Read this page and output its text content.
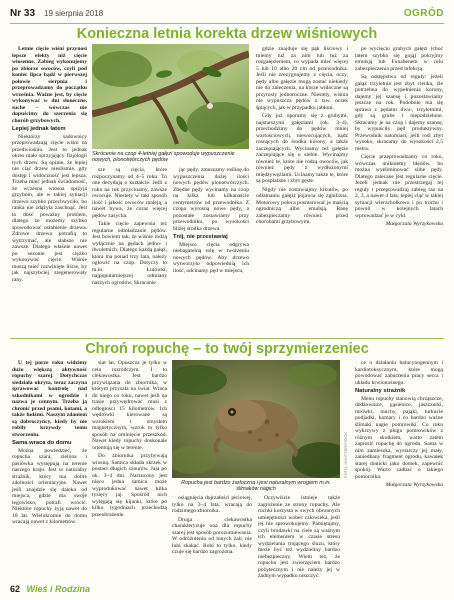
Nr 33 19 sierpnia 2018	OGRÓD
Konieczna letnia korekta drzew wiśniowych

Letnie cięcie wiśni przynosi lepsze efekty niż cięcie wiosenne. Zabieg wykonujemy po zbiorze owoców, czyli pod koniec lipca bądź w pierwszej połowie sierpnia i przeprowadzamy do początku września. Ważne jest, by cięcie wykonywać w dni słoneczne, suche – wówczas nie dopuścimy do szerzenia się chorób grzybowych.

Lepiej jednak latem

Niektórzy sadownicy przeprowadzają cięcie wiśni na przedwiośniu. Jest to jednak okres mało sprzyjający fizjologii tych drzew. Są opinie, że lepiej nie ciąć drzew nieslistnie, gdy dostęp i widoczność jest lepsza. Trzeba mieć jednak świadomość, że wczesna wiosna sprzyja grzybom, ale w takiej sytuacji drzewo szybko przechwyciło, bo ranka nie zdążyła zaschnąć. Jest to dość poważny problem, dlatego że możemy szybko spowodować osłabienie drzewa. Zdrowe drzewa potrafią to wytrzymać, ale słabsze nie zawsze. Dlatego właśnie nawet po sezonie jest ciężko wykonywać cięcie. Wiśnie muszą mieć rozwinięte liście, by jak najszybciej zregenerowały rany.

Skrócenie na czop 4-letniej gałęzi spowoduje wypuszczenie nowych, plonotwórczych pędów

sze są cięcia, które rozpoczynamy od 4–5 roku. To one decydują o kształcie. Jeśli z roku na rok przycinamy, zawsze owocuje. Niestety w taki sposób ilość i jakość owoców maleją, a nawet bywa, że coraz więcej pędów zasycha.

Takie cięcie zapewnia też regularne odmładzanie pędów. Jest bowiem tak, że wiśnie rodzą wyłącznie na pędach jedno- i dwuletnich. Dlatego każdą gałąź, która ma ponad trzy lata, należy ogłowić na czop. Dotyczy to m.in. Łutówki, najpopularniejszej odmiany naszych ogrodów. Skracanie

jąc pędy, zmuszamy roślinę do wypuszczenia dużej ilości nowych pędów plonotwórczych. Zbędne pędy wycinamy na czop na kilka lub kilkanaście centymetrów od przewodnika. Z czopa wyrosną nowe pędy, a pozostałe zostawiamy przy przewodniku, po wysokości bliżej środka drzewa.

Tnij, nie przestawiaj

Miejsce cięcia odgrywa niebagatelną rolę w tworzeniu nowych pędów. Aby drzewo wytworzyło odpowiednią ich ilość, odcinamy pęd w miejscu,

gdzie znajduje się pąk liściowy i tniemy tuż za nim lub tuż za rozgałęzieniem, co wypada mieć więcej 5 lub 10 albo 20 cm od przewodnika. Jeśli nie zrezygnujemy z cięcia, oczy, pędy albo gałęzie mogą zostać niekiedy nie do zaleczenia, na korze widoczne są przyrosty jednoroczne. Niestety, wiśnia nie wypuszcza pędów z tzw. oczek śpiących, jak w przypadku jabłoni.

Gdy już uporamy się z grubymi, najstarszymi gałęziami (ok. 3–4), przechodzimy do pędów mniej wartościowych, niewocujących, bądź rosnących do środka korony, a także zaczepiających. Wycinamy też gałęzie zaczepiające się o siebie. Wycinajmy również te, które nie rodzą owoców, jak również pędy z wydłużonymi międzywęźlami. Ucinamy także te, które są posplatane i zbyt gęste.

Nigdy nie zostawiajmy kikutów, po odłamaniu gałęzi pojawia się zgnilizna. Motorowy poleca posmarować je maścią ogrodniczą albo emulsją. Ranę zabezpieczamy również przed chorobami grzybowymi.

po wycięciu grubych gałęzi (choć latem szybko się goją) pokryjmy emulsją lub Funabenem w celu zabezpieczenia przed infekcją.

Są odstępstwa od reguły: jeżeli gałąź trzyletnia jest zbyt cienka, źle potrzebna do wypełnienia korony, dajemy jej szansę i pozostawiamy jeszcze na rok. Podobnie ma się sprawa z pędami dwu-, trzyletnimi, gdy są grube i niepodzielone. Skracamy je na czop i dajemy szansę, by wypuściły pęd produktywny. Przewodnik natomiast, jeśli rośl zbyt wysoko, skracamy do wysokości 2,5 metra.

Cięcie przeprowadzamy co roku, wówczas unikniemy błędów, bo można wyeliminować silne pędy. Dlatego zalecane jest regularne cięcie. Jeżeli jednak nie przestrzegaj tej reguły i przeprowadzaj zabieg raz na 2, 3, a nawet 4 lata, lepiej ciąć w takiej sytuacji wierzchołkowo i po trochu i powoli w kolejnych latach wprowadzać je w cykl.

Małgorzata Wyrzykowska
Chroń ropuchę – to twój sprzymierzeniec

U tej porze roku widzimy dużo większą aktywność ropuchy szarej. Dotychczas siedziała ukryta, teraz zaczyna sprawować kontrolę nad szkodnikami w ogrodzie i nazwa je cennym. Trzeba ją chronić przed psami, kotami, a także ludźmi. Naszym zdaniem są dobroczyńcy, kiedy by nie robiły krzywdy temu stworzeniu.

Sama wraca do domu

Można powiedzieć, że ropucha szara, zielona i pasiówka występują na terenie naszego kraju. Jest to naturalny strażnik, który ma dobre zdolności orientacyjne. Nawet jeśli znajdzie się daleko od miejsca, gdzie ma swoje legowisko, potrafi wrócić. Niektóre ropuchy żyją nawet do 10 lat. Wielokrotnie do domu wracają nawet z kilometrów.

siat lat. Opuszcza je tylko w celu rozrodczym. I to ciekawostka. Jest bardzo przywiązana do zbiornika, w którym przyszła na świat. Wraca do niego co roku, nawet jeśli na trasie przywędrować musi z odległości 15 kilometrów. Ich wędrówki kierowane są wzrokiem i zmysłem magnetycznym, wzrok to tylko sposób na ominięcie przeszkód. Nawet kiedy ropuchy doskonale orientują się w terenie.

Do zbiornika przybywają wiosną. Samica składa skrzek w postaci długich sznurów. Jaja po ok. 3–4 dni. Narzucony jest nieco jedna samica może wyprodukować nawet kilka tysięcy jaj. Spośród nich wylęgają się kijanki, które po kilku tygodniach przechodzą przeobrażenie.

FOTO: SHUTTERSTOCK
Ropucha jest bardzo żarłoczna i jest naturalnym wrogiem m.in. ślimaków nagich

osiągnięcia dojrzałości płciowej, tylko na 3–4 lata, wracają do rodzimego zbiornika.

Druga ciekawostka charakteryzuje ona dla ropuchy szarej jest sposób porozumiewania. W odróżnieniu od innych żab, nie lubi skakać. Robi to tylko, kiedy czuje się bardzo zagrożona.

Oczywiście istnieje także zagrożenie ze strony ropuchy. Ale ruchki korzysta w swych obronnych umiejętności wobec człowieka, jeśli jej nie sprowokujemy. Pamiętajmy, czyli brodawki na ciele są ważnym ich elementem w czasie stresu wydzielania trującego śluzu, który może być też wydzieliny bardzo niebezpieczny. Wiem też, że ropucha jest zwierzęciem bardzo pożytecznym i nie należy jej w żadnym wypadku niszczyć.

ce o działaniu halucynogennym i kardiotoksycznym, które mogą powodować zaburzenia pracy serca i układu krwionośnego.

Naturalny strażnik

Menu ropuchy stanowią chrząszcze, dżdżownice, gąsienice, jaszczurki, mrówki, muchy, pająki, turkucie podjadki, komary i co bardzo ważne ślimaki nagie pomrowiki. Co roku wykrzywy z pługu pomrowików z różnym skutkiem, warto zatem zaprosić ropuchę do ogrodu. Sama w nim zamieszka, wystarczy jej mały, zaniedbany fragment ogrodu, kawałek starej donicki jako domek, zapewnić spokój. Warto zadbać o takiego pomocnika.

Małgorzata Wyrzykowska
62 Wieś i Rodzina
